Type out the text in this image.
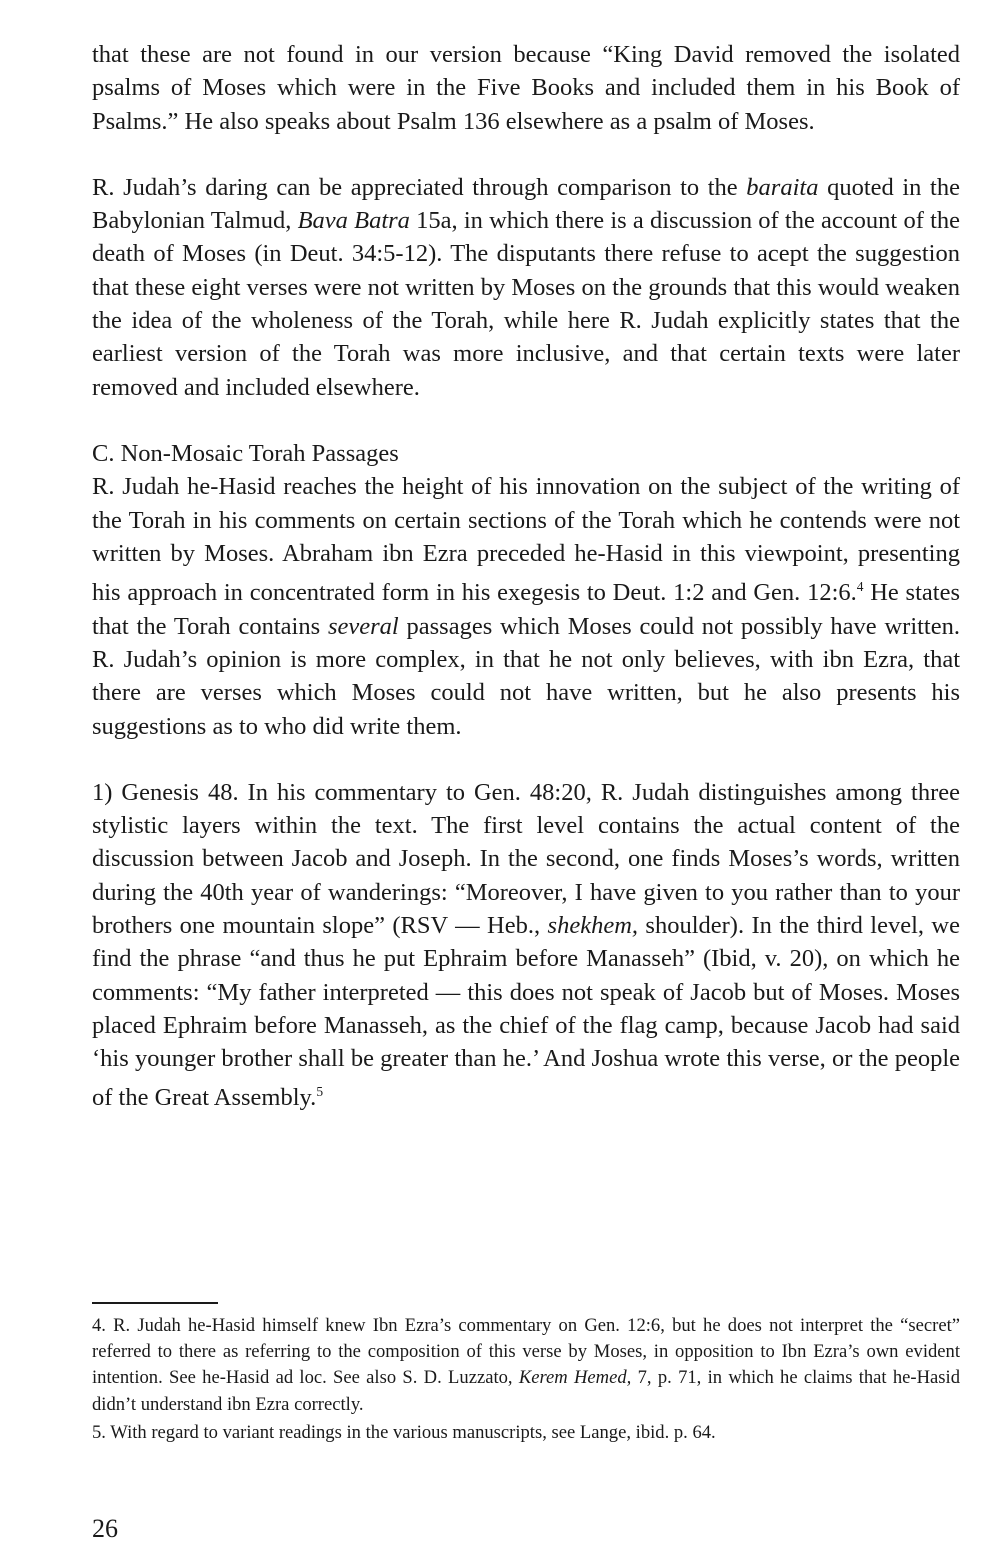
that these are not found in our version because “King David removed the isolated psalms of Moses which were in the Five Books and included them in his Book of Psalms.” He also speaks about Psalm 136 elsewhere as a psalm of Moses.

R. Judah’s daring can be appreciated through comparison to the baraita quoted in the Babylonian Talmud, Bava Batra 15a, in which there is a discussion of the account of the death of Moses (in Deut. 34:5-12). The disputants there refuse to acept the suggestion that these eight verses were not written by Moses on the grounds that this would weaken the idea of the wholeness of the Torah, while here R. Judah explicitly states that the earliest version of the Torah was more inclusive, and that certain texts were later removed and included elsewhere.

C. Non-Mosaic Torah Passages

R. Judah he-Hasid reaches the height of his innovation on the subject of the writing of the Torah in his comments on certain sections of the Torah which he contends were not written by Moses. Abraham ibn Ezra preceded he-Hasid in this viewpoint, presenting his approach in concentrated form in his exegesis to Deut. 1:2 and Gen. 12:6.$^4$ He states that the Torah contains several passages which Moses could not possibly have written. R. Judah’s opinion is more complex, in that he not only believes, with ibn Ezra, that there are verses which Moses could not have written, but he also presents his suggestions as to who did write them.

1) Genesis 48. In his commentary to Gen. 48:20, R. Judah distinguishes among three stylistic layers within the text. The first level contains the actual content of the discussion between Jacob and Joseph. In the second, one finds Moses’s words, written during the 40th year of wanderings: “Moreover, I have given to you rather than to your brothers one mountain slope” (RSV — Heb., shekhem, shoulder). In the third level, we find the phrase “and thus he put Ephraim before Manasseh” (Ibid, v. 20), on which he comments: “My father interpreted — this does not speak of Jacob but of Moses. Moses placed Ephraim before Manasseh, as the chief of the flag camp, because Jacob had said ‘his younger brother shall be greater than he.’ And Joshua wrote this verse, or the people of the Great Assembly.$^5$

4. R. Judah he-Hasid himself knew Ibn Ezra’s commentary on Gen. 12:6, but he does not interpret the “secret” referred to there as referring to the composition of this verse by Moses, in opposition to Ibn Ezra’s own evident intention. See he-Hasid ad loc. See also S. D. Luzzato, Kerem Hemed, 7, p. 71, in which he claims that he-Hasid didn’t understand ibn Ezra correctly.

5. With regard to variant readings in the various manuscripts, see Lange, ibid. p. 64.

26
